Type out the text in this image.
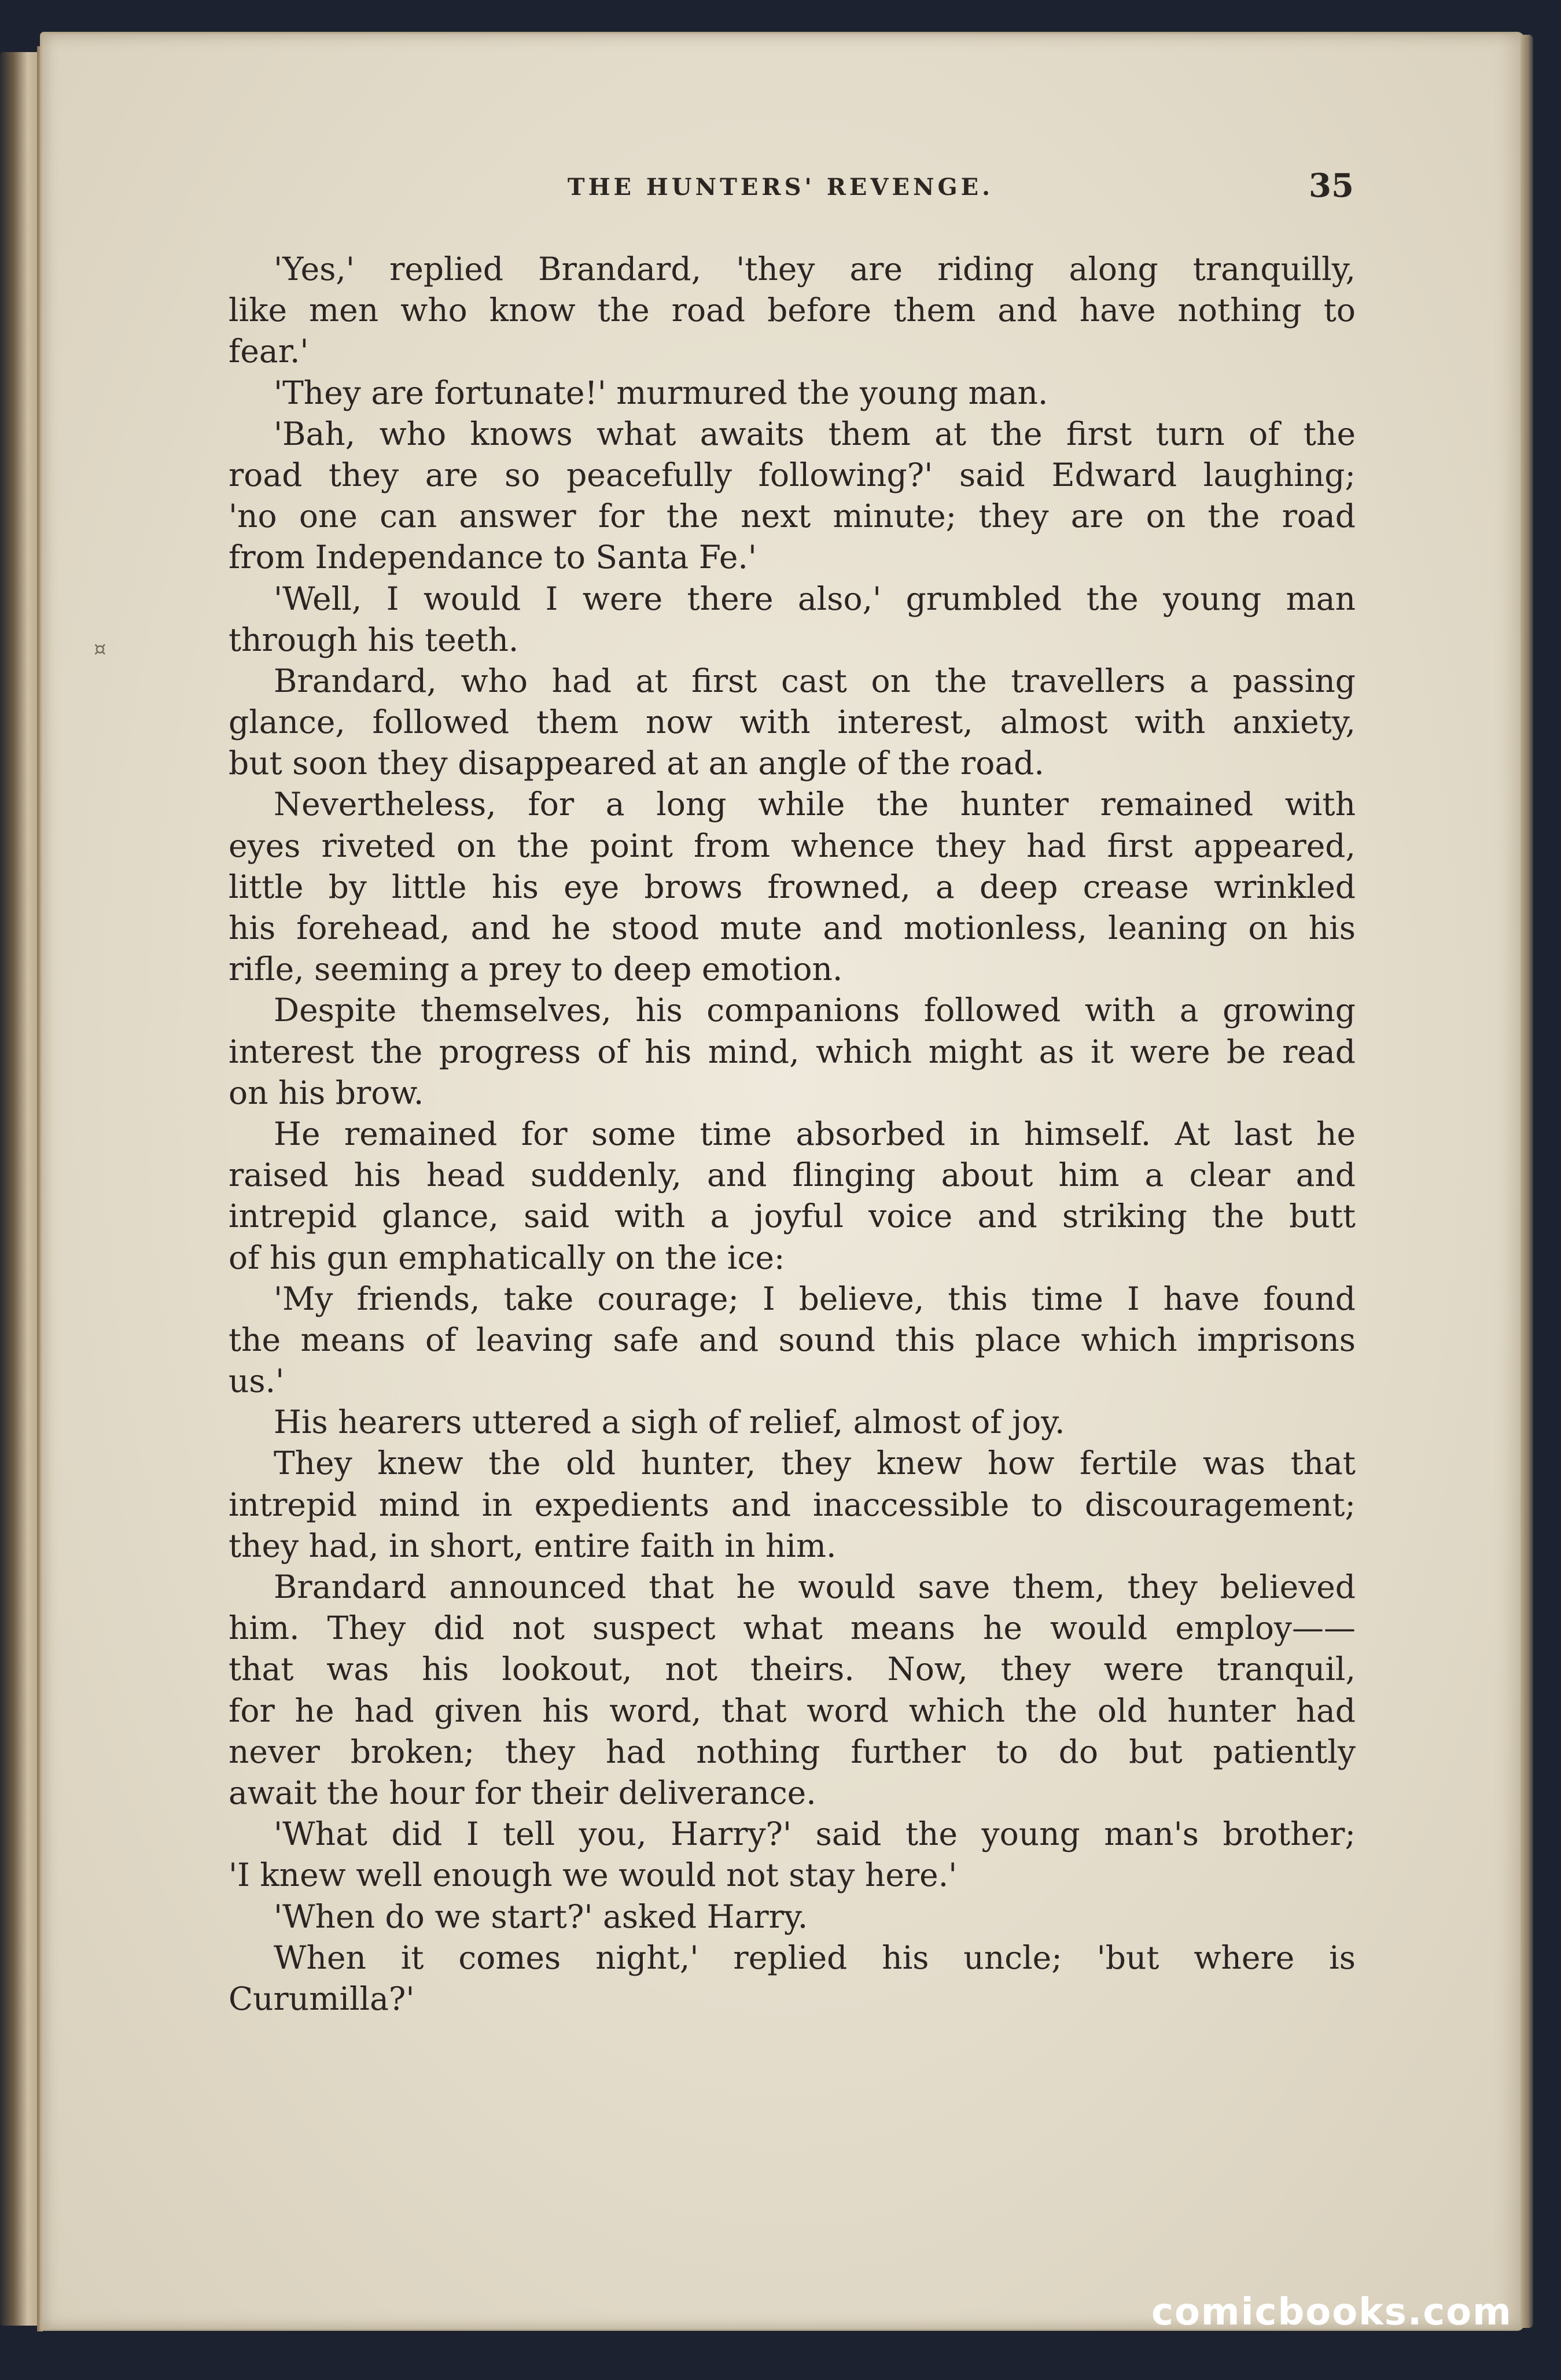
THE HUNTERS' REVENGE.	35
¤
'Yes,' replied Brandard, 'they are riding along tranquilly,
like men who know the road before them and have nothing to
fear.'
'They are fortunate!' murmured the young man.
'Bah, who knows what awaits them at the first turn of the
road they are so peacefully following?' said Edward laughing;
'no one can answer for the next minute; they are on the road
from Independance to Santa Fe.'
'Well, I would I were there also,' grumbled the young man
through his teeth.
Brandard, who had at first cast on the travellers a passing
glance, followed them now with interest, almost with anxiety,
but soon they disappeared at an angle of the road.
Nevertheless, for a long while the hunter remained with
eyes riveted on the point from whence they had first appeared,
little by little his eye brows frowned, a deep crease wrinkled
his forehead, and he stood mute and motionless, leaning on his
rifle, seeming a prey to deep emotion.
Despite themselves, his companions followed with a growing
interest the progress of his mind, which might as it were be read
on his brow.
He remained for some time absorbed in himself. At last he
raised his head suddenly, and flinging about him a clear and
intrepid glance, said with a joyful voice and striking the butt
of his gun emphatically on the ice:
'My friends, take courage; I believe, this time I have found
the means of leaving safe and sound this place which imprisons
us.'
His hearers uttered a sigh of relief, almost of joy.
They knew the old hunter, they knew how fertile was that
intrepid mind in expedients and inaccessible to discouragement;
they had, in short, entire faith in him.
Brandard announced that he would save them, they believed
him. They did not suspect what means he would employ——
that was his lookout, not theirs. Now, they were tranquil,
for he had given his word, that word which the old hunter had
never broken; they had nothing further to do but patiently
await the hour for their deliverance.
'What did I tell you, Harry?' said the young man's brother;
'I knew well enough we would not stay here.'
'When do we start?' asked Harry.
When it comes night,' replied his uncle; 'but where is
Curumilla?'
comicbooks.com
